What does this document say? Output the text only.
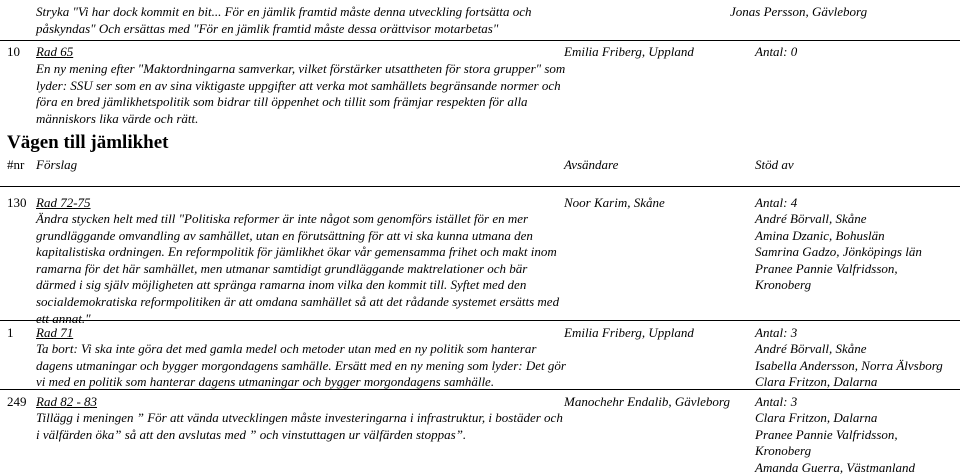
Stryka "Vi har dock kommit en bit... För en jämlik framtid måste denna utveckling fortsätta och
påskyndas" Och ersättas med "För en jämlik framtid måste dessa orättvisor motarbetas"
Jonas Persson, Gävleborg
10 Rad 65	Emilia Friberg, Uppland	Antal: 0
En ny mening efter "Maktordningarna samverkar, vilket förstärker utsattheten för stora grupper" som
lyder: SSU ser som en av sina viktigaste uppgifter att verka mot samhällets begränsande normer och
föra en bred jämlikhetspolitik som bidrar till öppenhet och tillit som främjar respekten för alla
människors lika värde och rätt.
Vägen till jämlikhet
#nr Förslag	Avsändare	Stöd av
130 Rad 72-75	Noor Karim, Skåne	Antal: 4
Ändra stycken helt med till "Politiska reformer är inte något som genomförs istället för en mer
grundläggande omvandling av samhället, utan en förutsättning för att vi ska kunna utmana den
kapitalistiska ordningen. En reformpolitik för jämlikhet ökar vår gemensamma frihet och makt inom
ramarna för det här samhället, men utmanar samtidigt grundläggande maktrelationer och bär
därmed i sig själv möjligheten att spränga ramarna inom vilka den kommit till. Syftet med den
socialdemokratiska reformpolitiken är att omdana samhället så att det rådande systemet ersätts med
ett annat."
André Börvall, Skåne
Amina Dzanic, Bohuslän
Samrina Gadzo, Jönköpings län
Pranee Pannie Valfridsson,
Kronoberg
1 Rad 71	Emilia Friberg, Uppland	Antal: 3
Ta bort: Vi ska inte göra det med gamla medel och metoder utan med en ny politik som hanterar
dagens utmaningar och bygger morgondagens samhälle. Ersätt med en ny mening som lyder: Det gör
vi med en politik som hanterar dagens utmaningar och bygger morgondagens samhälle.
André Börvall, Skåne
Isabella Andersson, Norra Älvsborg
Clara Fritzon, Dalarna
249 Rad 82 - 83	Manochehr Endalib, Gävleborg Antal: 3
Tillägg i meningen ” För att vända utvecklingen måste investeringarna i infrastruktur, i bostäder och
i välfärden öka” så att den avslutas med ” och vinstuttagen ur välfärden stoppas”.
Clara Fritzon, Dalarna
Pranee Pannie Valfridsson,
Kronoberg
Amanda Guerra, Västmanland
